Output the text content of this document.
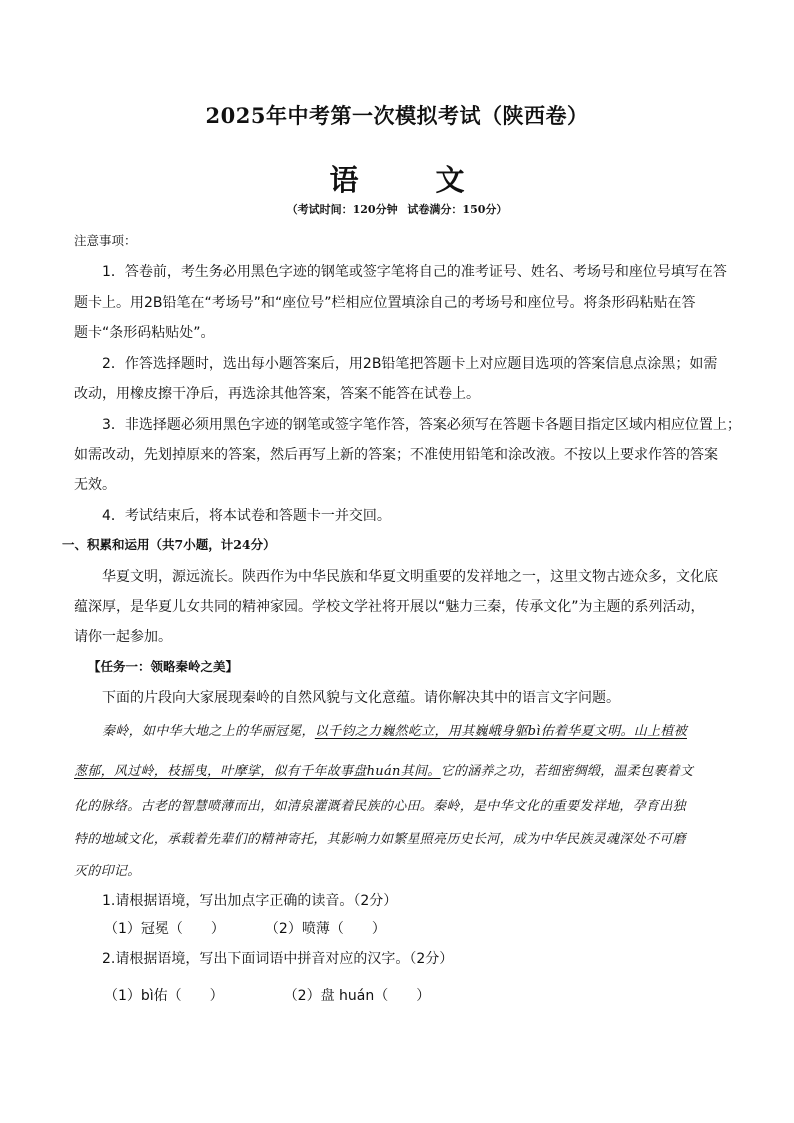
2025年中考第一次模拟考试（陕西卷）
语　文
（考试时间：120分钟 试卷满分：150分）
注意事项：
1．答卷前，考生务必用黑色字迹的钢笔或签字笔将自己的准考证号、姓名、考场号和座位号填写在答
题卡上。用2B铅笔在“考场号”和“座位号”栏相应位置填涂自己的考场号和座位号。将条形码粘贴在答
题卡“条形码粘贴处”。
2．作答选择题时，选出每小题答案后，用2B铅笔把答题卡上对应题目选项的答案信息点涂黑；如需
改动，用橡皮擦干净后，再选涂其他答案，答案不能答在试卷上。
3．非选择题必须用黑色字迹的钢笔或签字笔作答，答案必须写在答题卡各题目指定区域内相应位置上；
如需改动，先划掉原来的答案，然后再写上新的答案；不准使用铅笔和涂改液。不按以上要求作答的答案
无效。
4．考试结束后，将本试卷和答题卡一并交回。
一、积累和运用（共7小题，计24分）
华夏文明，源远流长。陕西作为中华民族和华夏文明重要的发祥地之一，这里文物古迹众多，文化底
蕴深厚，是华夏儿女共同的精神家园。学校文学社将开展以“魅力三秦，传承文化”为主题的系列活动，
请你一起参加。
【任务一：领略秦岭之美】
下面的片段向大家展现秦岭的自然风貌与文化意蕴。请你解决其中的语言文字问题。
秦岭，如中华大地之上的华丽冠冕，以千钧之力巍然屹立，用其巍峨身躯bì佑着华夏文明。山上植被
葱郁，风过岭，枝摇曳，叶摩挲，似有千年故事盘huán其间。它的涵养之功，若细密绸缎，温柔包裹着文
化的脉络。古老的智慧喷薄而出，如清泉灌溉着民族的心田。秦岭，是中华文化的重要发祥地，孕育出独
特的地域文化，承载着先辈们的精神寄托，其影响力如繁星照亮历史长河，成为中华民族灵魂深处不可磨
灭的印记。
1.请根据语境，写出加点字正确的读音。（2分）
（1）冠冕（　　）	（2）喷薄（　　）
2.请根据语境，写出下面词语中拼音对应的汉字。（2分）
（1）bì佑（　　）	（2）盘 huán（　　）
